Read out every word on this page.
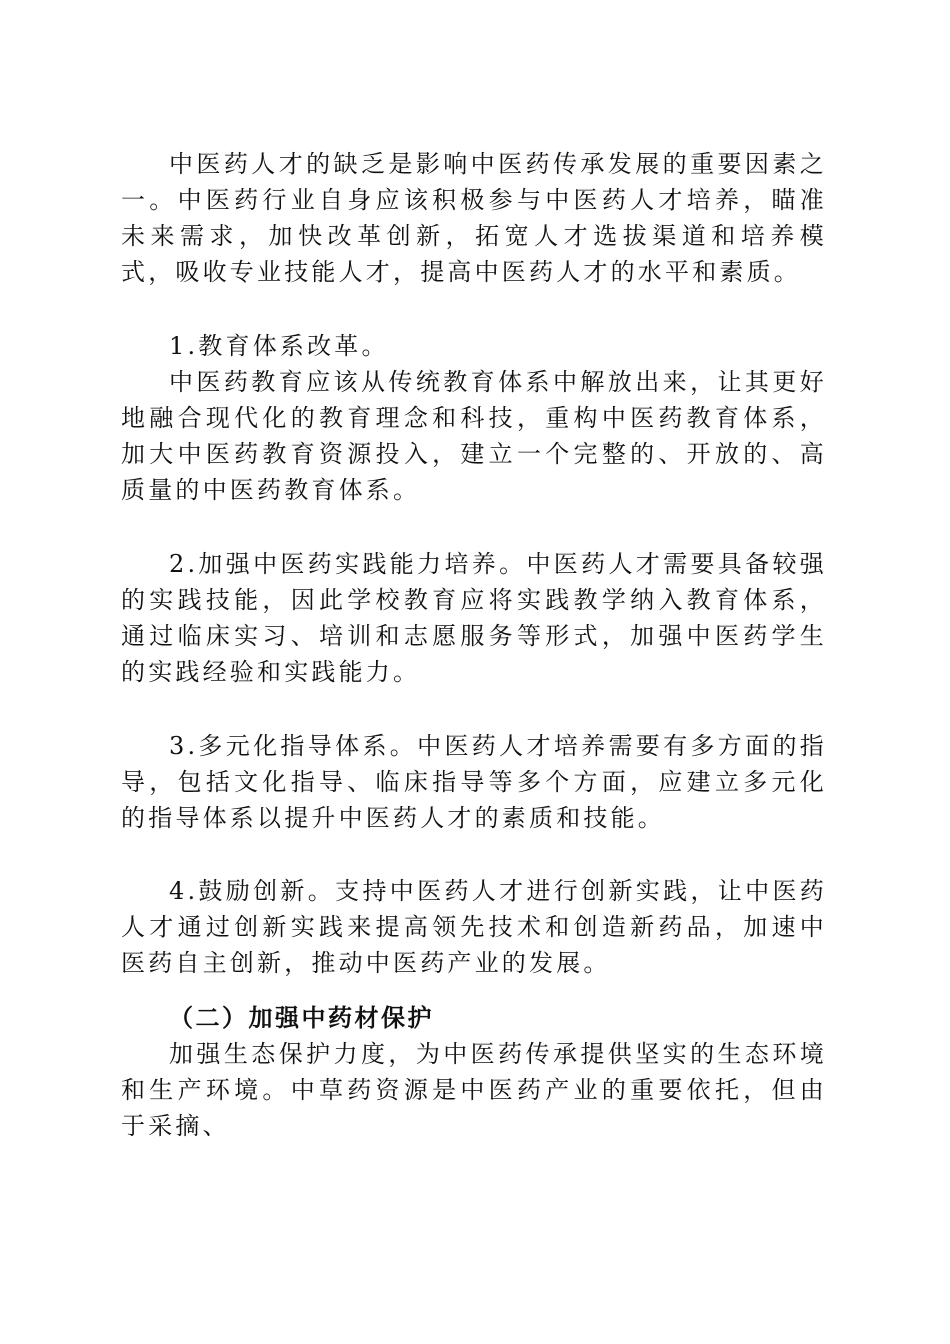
中医药人才的缺乏是影响中医药传承发展的重要因素之一。中医药行业自身应该积极参与中医药人才培养，瞄准未来需求，加快改革创新，拓宽人才选拔渠道和培养模式，吸收专业技能人才，提高中医药人才的水平和素质。

1.教育体系改革。

中医药教育应该从传统教育体系中解放出来，让其更好地融合现代化的教育理念和科技，重构中医药教育体系，加大中医药教育资源投入，建立一个完整的、开放的、高质量的中医药教育体系。

2.加强中医药实践能力培养。中医药人才需要具备较强的实践技能，因此学校教育应将实践教学纳入教育体系，通过临床实习、培训和志愿服务等形式，加强中医药学生的实践经验和实践能力。

3.多元化指导体系。中医药人才培养需要有多方面的指导，包括文化指导、临床指导等多个方面，应建立多元化的指导体系以提升中医药人才的素质和技能。

4.鼓励创新。支持中医药人才进行创新实践，让中医药人才通过创新实践来提高领先技术和创造新药品，加速中医药自主创新，推动中医药产业的发展。

（二）加强中药材保护

加强生态保护力度，为中医药传承提供坚实的生态环境和生产环境。中草药资源是中医药产业的重要依托，但由于采摘、
